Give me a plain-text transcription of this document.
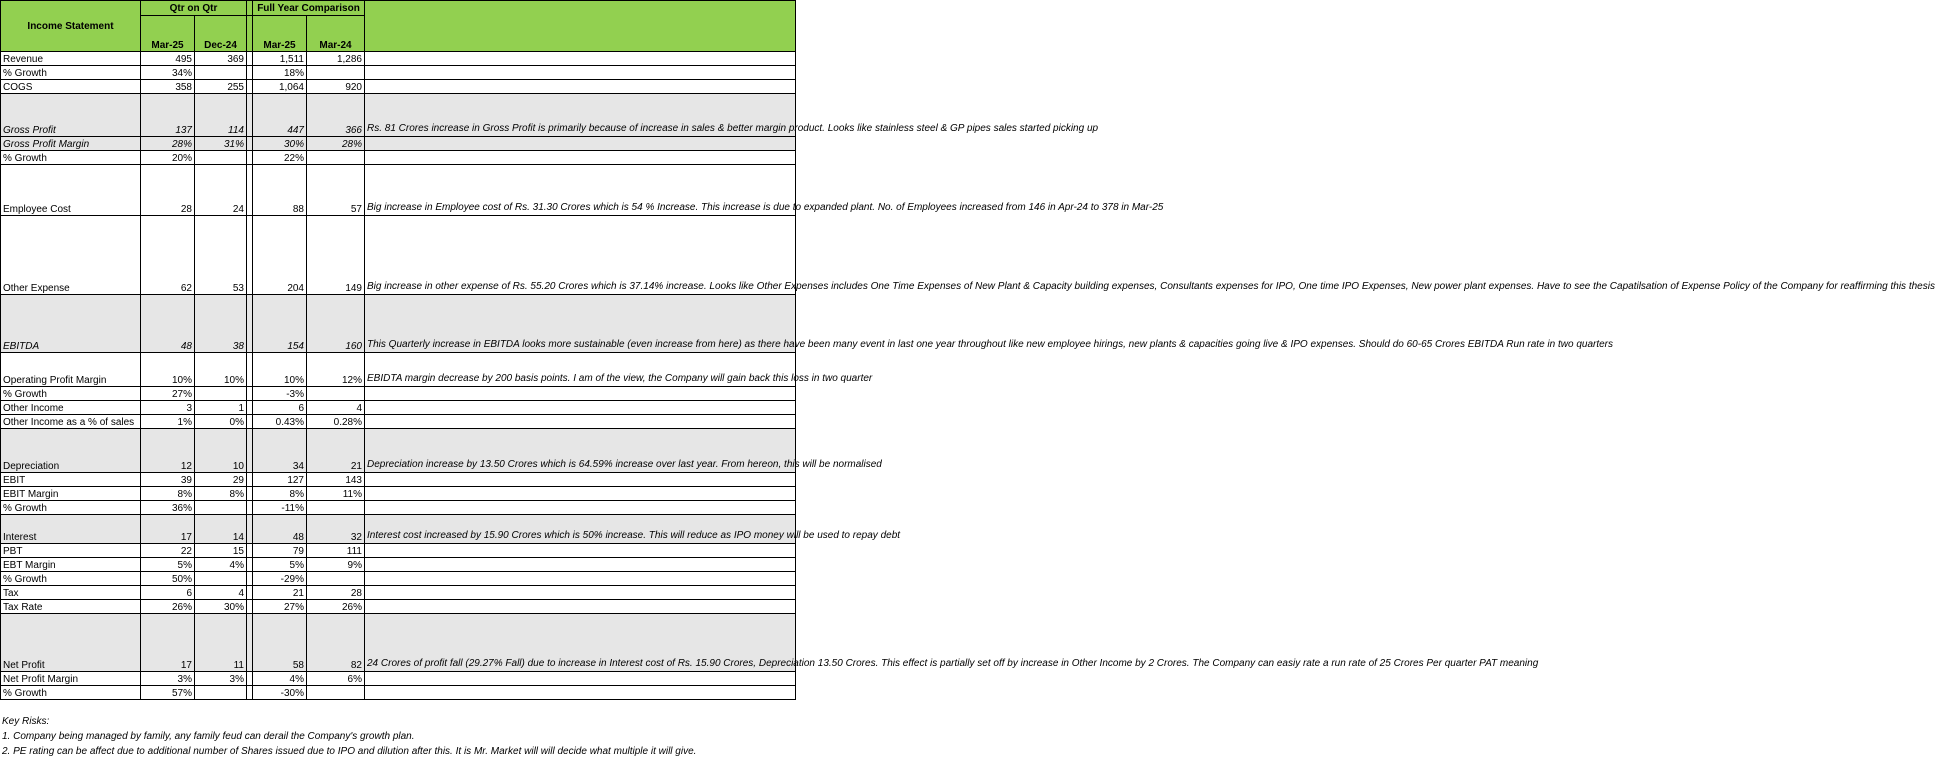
Income Statement	Qtr on Qtr			Full Year Comparison		
	Mar-25	Dec-24		Mar-25	Mar-24	

Revenue	495	369		1,511	1,286	
% Growth	34%			18%		
COGS	358	255		1,064	920	
Gross Profit	137	114		447	366	Rs. 81 Crores increase in Gross Profit is primarily because of increase in sales & better margin product. Looks like stainless steel & GP pipes sales started picking up
Gross Profit Margin	28%	31%		30%	28%	
% Growth	20%			22%		
Employee Cost	28	24		88	57	Big increase in Employee cost of Rs. 31.30 Crores which is 54 % Increase. This increase is due to expanded plant. No. of Employees increased from 146 in Apr-24 to 378 in Mar-25
Other Expense	62	53		204	149	Big increase in other expense of Rs. 55.20 Crores which is 37.14% increase. Looks like Other Expenses includes One Time Expenses of New Plant & Capacity building expenses, Consultants expenses for IPO, One time IPO Expenses, New power plant expenses. Have to see the Capatilsation of Expense Policy of the Company for reaffirming this thesis
EBITDA	48	38		154	160	This Quarterly increase in EBITDA looks more sustainable (even increase from here) as there have been many event in last one year throughout like new employee hirings, new plants & capacities going live & IPO expenses. Should do 60-65 Crores EBITDA Run rate in two quarters
Operating Profit Margin	10%	10%		10%	12%	EBIDTA margin decrease by 200 basis points. I am of the view, the Company will gain back this loss in two quarter
% Growth	27%			-3%		
Other Income	3	1		6	4	
Other Income as a % of sales	1%	0%		0.43%	0.28%	
Depreciation	12	10		34	21	Depreciation increase by 13.50 Crores which is 64.59% increase over last year. From hereon, this will be normalised
EBIT	39	29		127	143	
EBIT Margin	8%	8%		8%	11%	
% Growth	36%			-11%		
Interest	17	14		48	32	Interest cost increased by 15.90 Crores which is 50% increase. This will reduce as IPO money will be used to repay debt
PBT	22	15		79	111	
EBT Margin	5%	4%		5%	9%	
% Growth	50%			-29%		
Tax	6	4		21	28	
Tax Rate	26%	30%		27%	26%	
Net Profit	17	11		58	82	24 Crores of profit fall (29.27% Fall) due to increase in Interest cost of Rs. 15.90 Crores, Depreciation 13.50 Crores. This effect is partially set off by increase in Other Income by 2 Crores. The Company can easiy rate a run rate of 25 Crores Per quarter PAT meaning
Net Profit Margin	3%	3%		4%	6%	
% Growth	57%			-30%		
Key Risks:
1. Company being managed by family, any family feud can derail the Company's growth plan.
2. PE rating can be affect due to additional number of Shares issued due to IPO and dilution after this. It is Mr. Market will will decide what multiple it will give.
